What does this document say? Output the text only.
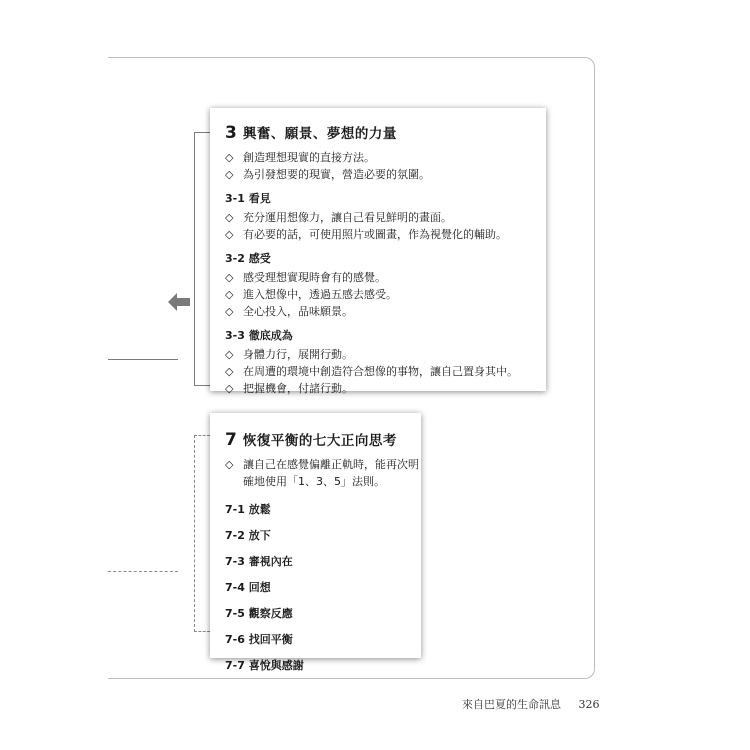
3 興奮、願景、夢想的力量
◇ 創造理想現實的直接方法。
◇ 為引發想要的現實，營造必要的氛圍。
3-1 看見
◇ 充分運用想像力，讓自己看見鮮明的畫面。
◇ 有必要的話，可使用照片或圖畫，作為視覺化的輔助。
3-2 感受
◇ 感受理想實現時會有的感覺。
◇ 進入想像中，透過五感去感受。
◇ 全心投入，品味願景。
3-3 徹底成為
◇ 身體力行，展開行動。
◇ 在周遭的環境中創造符合想像的事物，讓自己置身其中。
◇ 把握機會，付諸行動。
7 恢復平衡的七大正向思考
◇ 讓自己在感覺偏離正軌時，能再次明確地使用「1、3、5」法則。
7-1 放鬆
7-2 放下
7-3 審視內在
7-4 回想
7-5 觀察反應
7-6 找回平衡
7-7 喜悅與感謝
來自巴夏的生命訊息 326
